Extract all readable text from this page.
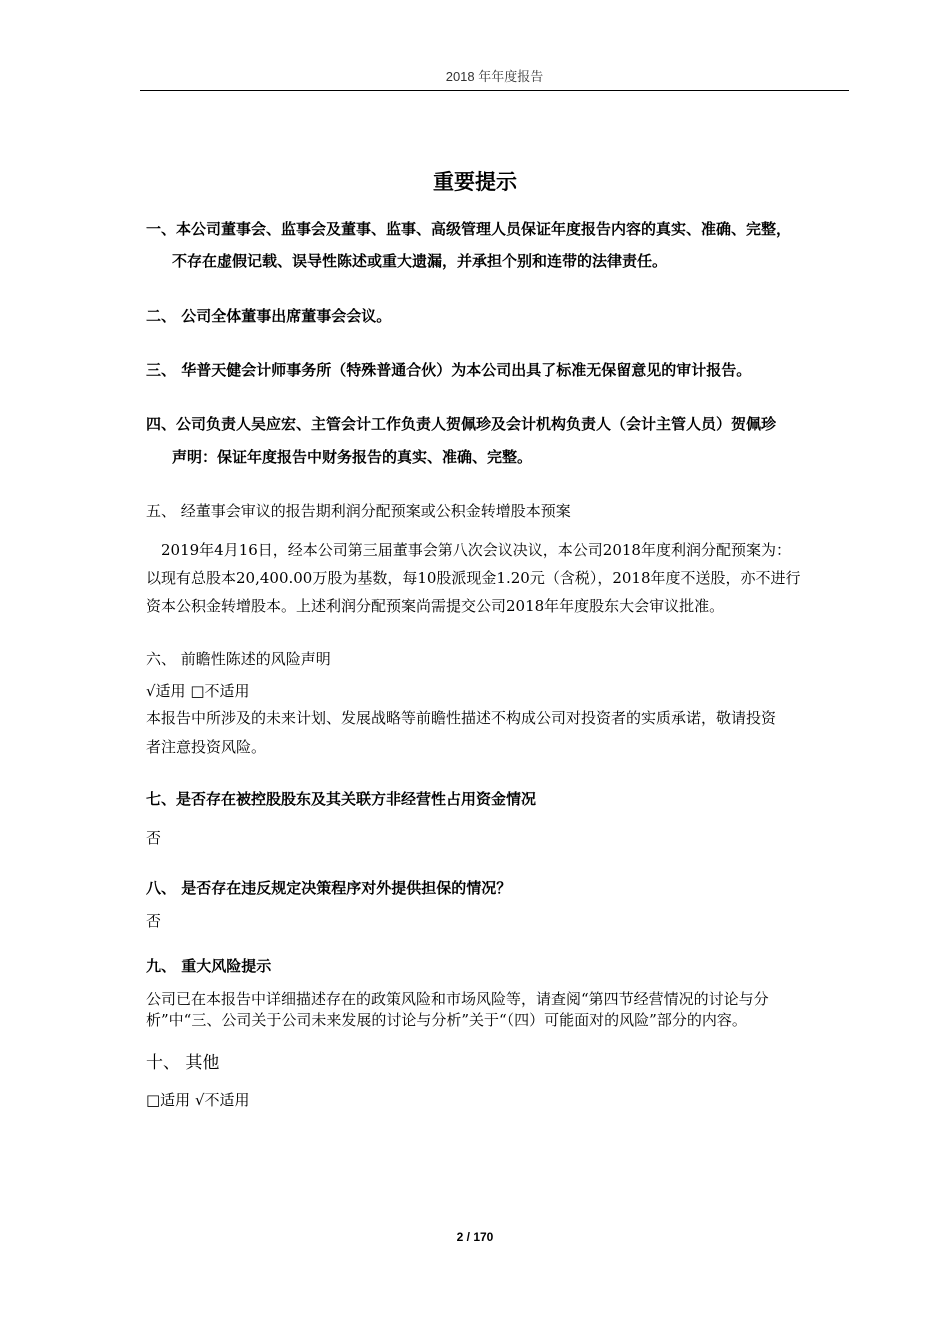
2018 年年度报告
重要提示
一、本公司董事会、监事会及董事、监事、高级管理人员保证年度报告内容的真实、准确、完整，
不存在虚假记载、误导性陈述或重大遗漏，并承担个别和连带的法律责任。
二、 公司全体董事出席董事会会议。
三、 华普天健会计师事务所（特殊普通合伙）为本公司出具了标准无保留意见的审计报告。
四、公司负责人吴应宏、主管会计工作负责人贺佩珍及会计机构负责人（会计主管人员）贺佩珍
声明：保证年度报告中财务报告的真实、准确、完整。
五、 经董事会审议的报告期利润分配预案或公积金转增股本预案
　2019年4月16日，经本公司第三届董事会第八次会议决议，本公司2018年度利润分配预案为：
以现有总股本20,400.00万股为基数，每10股派现金1.20元（含税），2018年度不送股，亦不进行
资本公积金转增股本。上述利润分配预案尚需提交公司2018年年度股东大会审议批准。
六、 前瞻性陈述的风险声明
√适用 □不适用
本报告中所涉及的未来计划、发展战略等前瞻性描述不构成公司对投资者的实质承诺，敬请投资
者注意投资风险。
七、是否存在被控股股东及其关联方非经营性占用资金情况
否
八、 是否存在违反规定决策程序对外提供担保的情况？
否
九、 重大风险提示
公司已在本报告中详细描述存在的政策风险和市场风险等，请查阅“第四节经营情况的讨论与分
析”中“三、公司关于公司未来发展的讨论与分析”关于“（四）可能面对的风险”部分的内容。
十、 其他
□适用 √不适用
2 / 170
